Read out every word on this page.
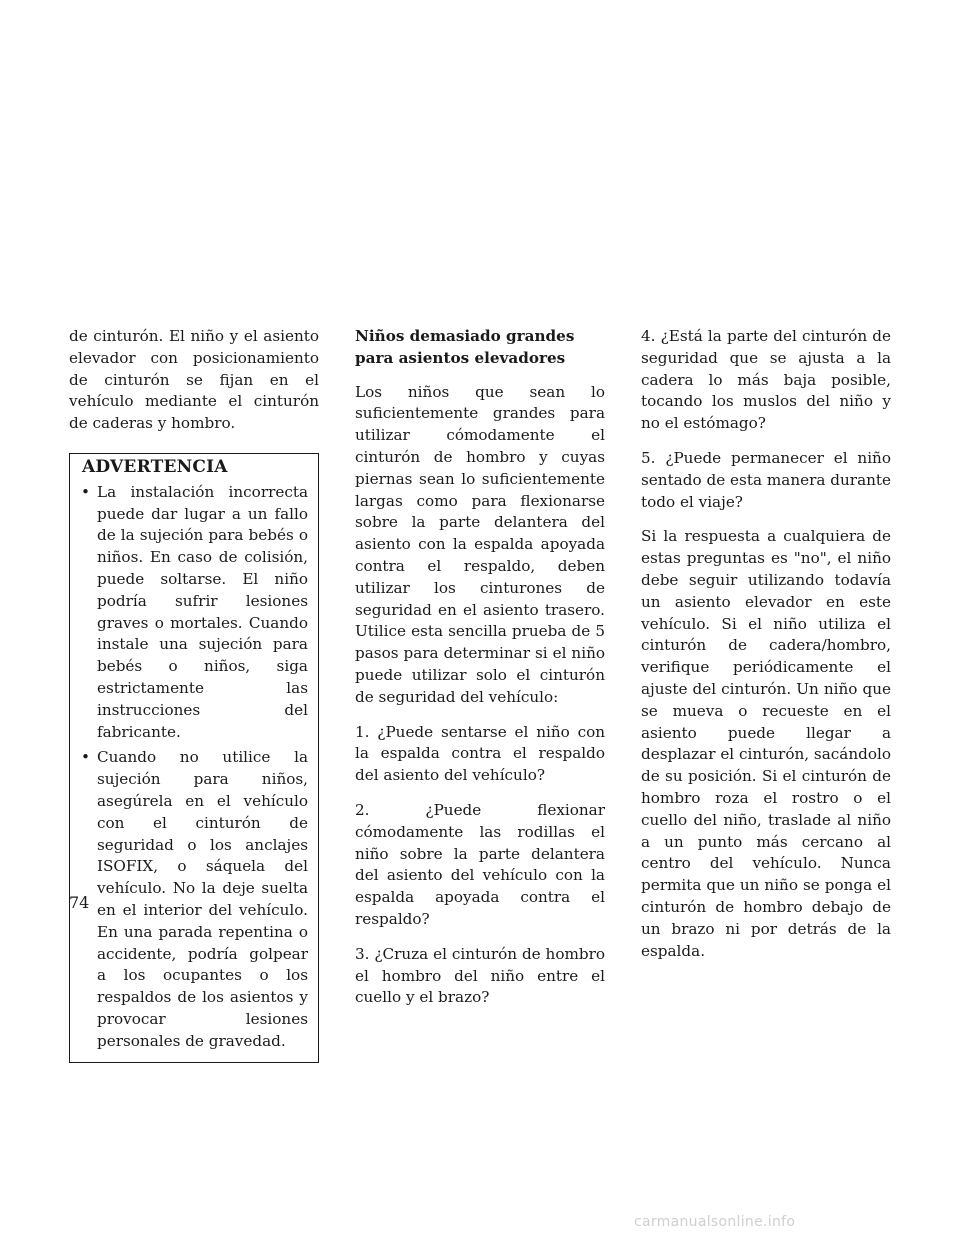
de cinturón. El niño y el asiento elevador con posicionamiento de cinturón se fijan en el vehículo mediante el cinturón de caderas y hombro.

ADVERTENCIA
• La instalación incorrecta puede dar lugar a un fallo de la sujeción para bebés o niños. En caso de colisión, puede soltarse. El niño podría sufrir lesiones graves o mortales. Cuando instale una sujeción para bebés o niños, siga estrictamente las instrucciones del fabricante.
• Cuando no utilice la sujeción para niños, asegúrela en el vehículo con el cinturón de seguridad o los anclajes ISOFIX, o sáquela del vehículo. No la deje suelta en el interior del vehículo. En una parada repentina o accidente, podría golpear a los ocupantes o los respaldos de los asientos y provocar lesiones personales de gravedad.
Niños demasiado grandes para asientos elevadores

Los niños que sean lo suficientemente grandes para utilizar cómodamente el cinturón de hombro y cuyas piernas sean lo suficientemente largas como para flexionarse sobre la parte delantera del asiento con la espalda apoyada contra el respaldo, deben utilizar los cinturones de seguridad en el asiento trasero. Utilice esta sencilla prueba de 5 pasos para determinar si el niño puede utilizar solo el cinturón de seguridad del vehículo:

1. ¿Puede sentarse el niño con la espalda contra el respaldo del asiento del vehículo?

2. ¿Puede flexionar cómodamente las rodillas el niño sobre la parte delantera del asiento del vehículo con la espalda apoyada contra el respaldo?

3. ¿Cruza el cinturón de hombro el hombro del niño entre el cuello y el brazo?

4. ¿Está la parte del cinturón de seguridad que se ajusta a la cadera lo más baja posible, tocando los muslos del niño y no el estómago?

5. ¿Puede permanecer el niño sentado de esta manera durante todo el viaje?

Si la respuesta a cualquiera de estas preguntas es "no", el niño debe seguir utilizando todavía un asiento elevador en este vehículo. Si el niño utiliza el cinturón de cadera/hombro, verifique periódicamente el ajuste del cinturón. Un niño que se mueva o recueste en el asiento puede llegar a desplazar el cinturón, sacándolo de su posición. Si el cinturón de hombro roza el rostro o el cuello del niño, traslade al niño a un punto más cercano al centro del vehículo. Nunca permita que un niño se ponga el cinturón de hombro debajo de un brazo ni por detrás de la espalda.

74
carmanualsonline.info
